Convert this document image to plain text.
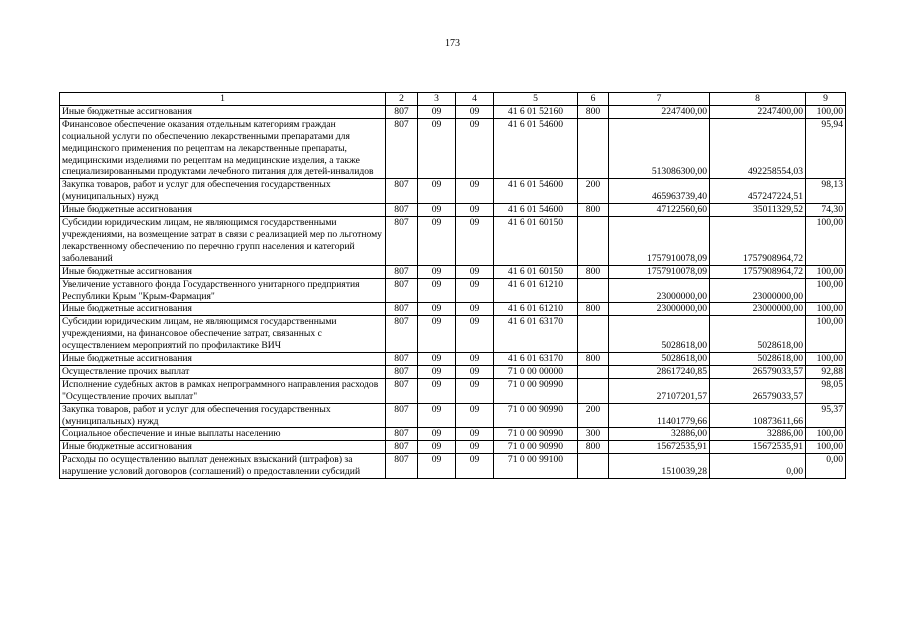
173
1	2	3	4	5	6	7	8	9
Иные бюджетные ассигнования	807	09	09	41 6 01 52160	800	2247400,00	2247400,00	100,00
Финансовое обеспечение оказания отдельным категориям граждан социальной услуги по обеспечению лекарственными препаратами для медицинского применения по рецептам на лекарственные препараты, медицинскими изделиями по рецептам на медицинские изделия, а также специализированными продуктами лечебного питания для детей-инвалидов	807	09	09	41 6 01 54600		513086300,00	492258554,03	95,94
Закупка товаров, работ и услуг для обеспечения государственных (муниципальных) нужд	807	09	09	41 6 01 54600	200	465963739,40	457247224,51	98,13
Иные бюджетные ассигнования	807	09	09	41 6 01 54600	800	47122560,60	35011329,52	74,30
Субсидии юридическим лицам, не являющимся государственными учреждениями, на возмещение затрат в связи с реализацией мер по льготному лекарственному обеспечению по перечню групп населения и категорий заболеваний	807	09	09	41 6 01 60150		1757910078,09	1757908964,72	100,00
Иные бюджетные ассигнования	807	09	09	41 6 01 60150	800	1757910078,09	1757908964,72	100,00
Увеличение уставного фонда Государственного унитарного предприятия Республики Крым "Крым-Фармация"	807	09	09	41 6 01 61210		23000000,00	23000000,00	100,00
Иные бюджетные ассигнования	807	09	09	41 6 01 61210	800	23000000,00	23000000,00	100,00
Субсидии юридическим лицам, не являющимся государственными учреждениями, на финансовое обеспечение затрат, связанных с осуществлением мероприятий по профилактике ВИЧ	807	09	09	41 6 01 63170		5028618,00	5028618,00	100,00
Иные бюджетные ассигнования	807	09	09	41 6 01 63170	800	5028618,00	5028618,00	100,00
Осуществление прочих выплат	807	09	09	71 0 00 00000		28617240,85	26579033,57	92,88
Исполнение судебных актов в рамках непрограммного направления расходов "Осуществление прочих выплат"	807	09	09	71 0 00 90990		27107201,57	26579033,57	98,05
Закупка товаров, работ и услуг для обеспечения государственных (муниципальных) нужд	807	09	09	71 0 00 90990	200	11401779,66	10873611,66	95,37
Социальное обеспечение и иные выплаты населению	807	09	09	71 0 00 90990	300	32886,00	32886,00	100,00
Иные бюджетные ассигнования	807	09	09	71 0 00 90990	800	15672535,91	15672535,91	100,00
Расходы по осуществлению выплат денежных взысканий (штрафов) за нарушение условий договоров (соглашений) о предоставлении субсидий	807	09	09	71 0 00 99100		1510039,28	0,00	0,00
